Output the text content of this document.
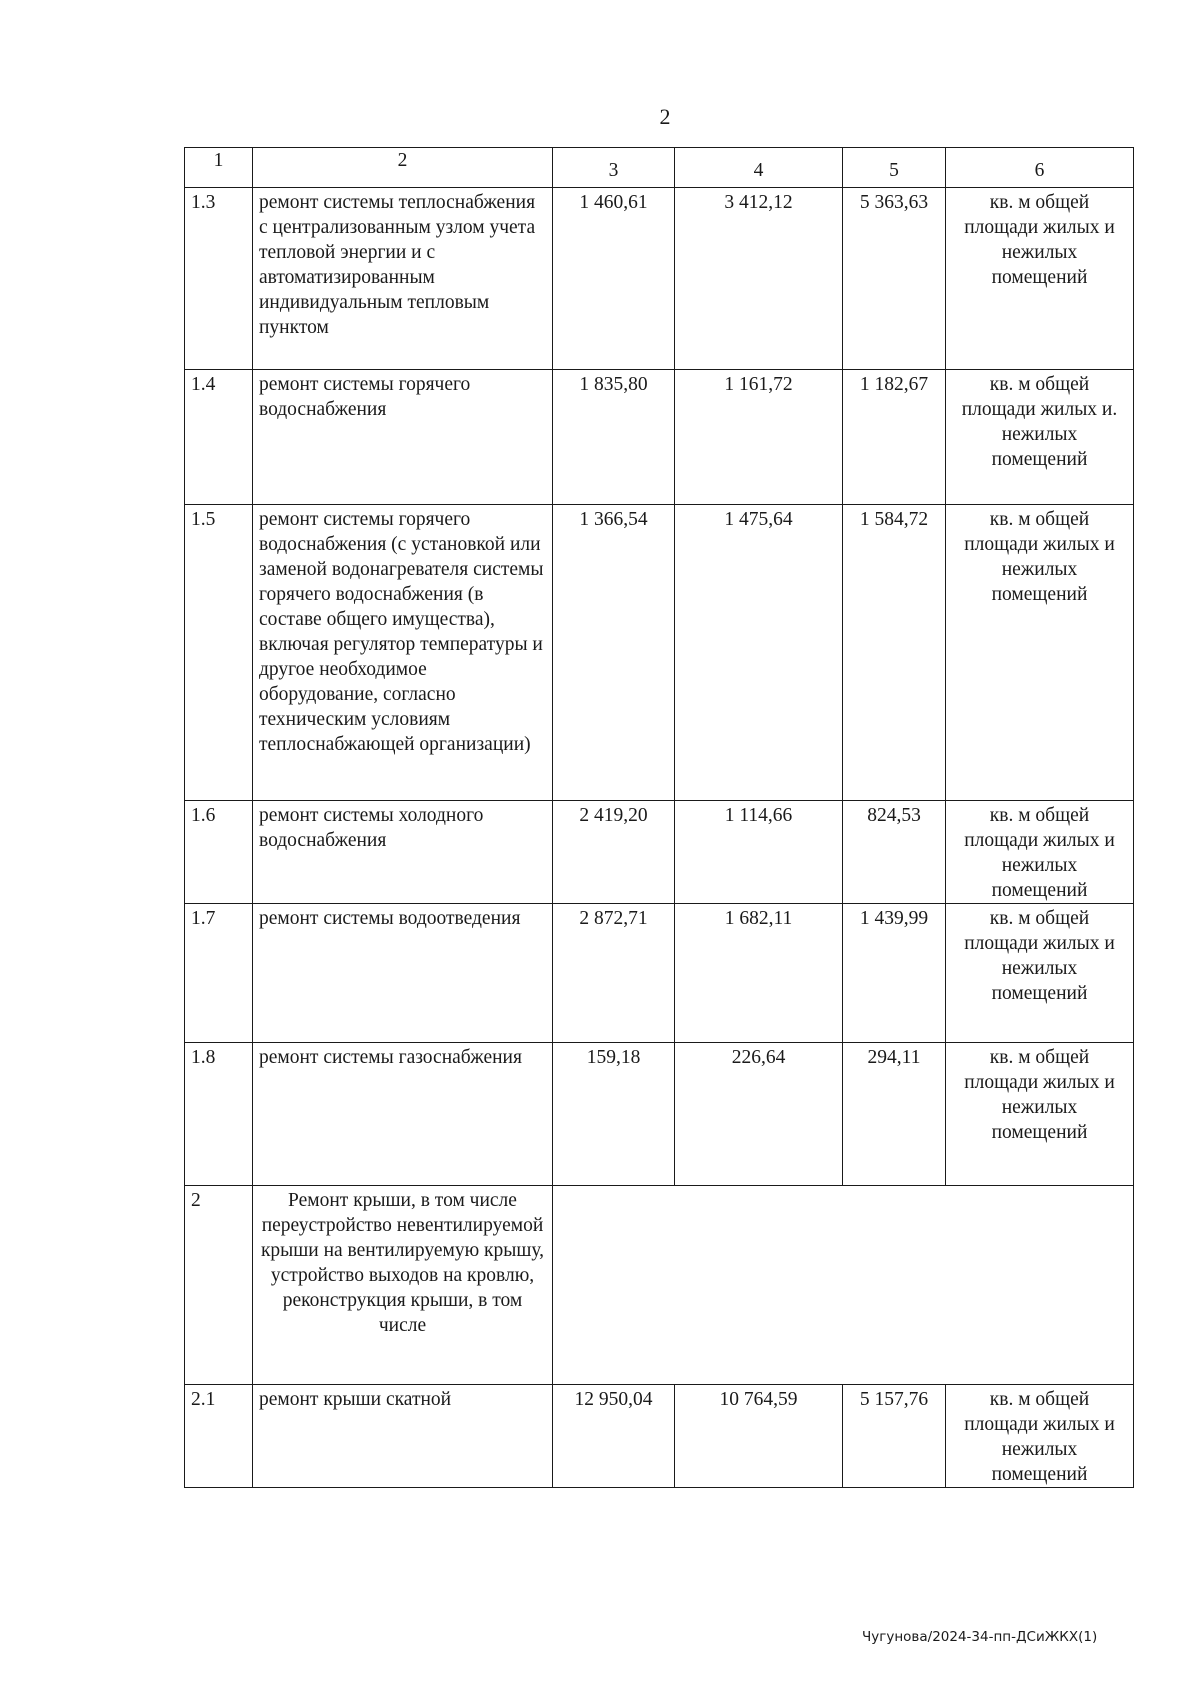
2
1	2	3	4	5	6
1.3	ремонт системы теплоснабжения с централизованным узлом учета тепловой энергии и с автоматизированным индивидуальным тепловым пунктом	1 460,61	3 412,12	5 363,63	кв. м общей площади жилых и нежилых помещений
1.4	ремонт системы горячего водоснабжения	1 835,80	1 161,72	1 182,67	кв. м общей площади жилых и. нежилых помещений
1.5	ремонт системы горячего водоснабжения (с установкой или заменой водонагревателя системы горячего водоснабжения (в составе общего имущества), включая регулятор температуры и другое необходимое оборудование, согласно техническим условиям теплоснабжающей организации)	1 366,54	1 475,64	1 584,72	кв. м общей площади жилых и нежилых помещений
1.6	ремонт системы холодного водоснабжения	2 419,20	1 114,66	824,53	кв. м общей площади жилых и нежилых помещений
1.7	ремонт системы водоотведения	2 872,71	1 682,11	1 439,99	кв. м общей площади жилых и нежилых помещений
1.8	ремонт системы газоснабжения	159,18	226,64	294,11	кв. м общей площади жилых и нежилых помещений
2	Ремонт крыши, в том числе переустройство невентилируемой крыши на вентилируемую крышу, устройство выходов на кровлю, реконструкция крыши, в том числе				
2.1	ремонт крыши скатной	12 950,04	10 764,59	5 157,76	кв. м общей площади жилых и нежилых помещений
Чугунова/2024-34-пп-ДСиЖКХ(1)
